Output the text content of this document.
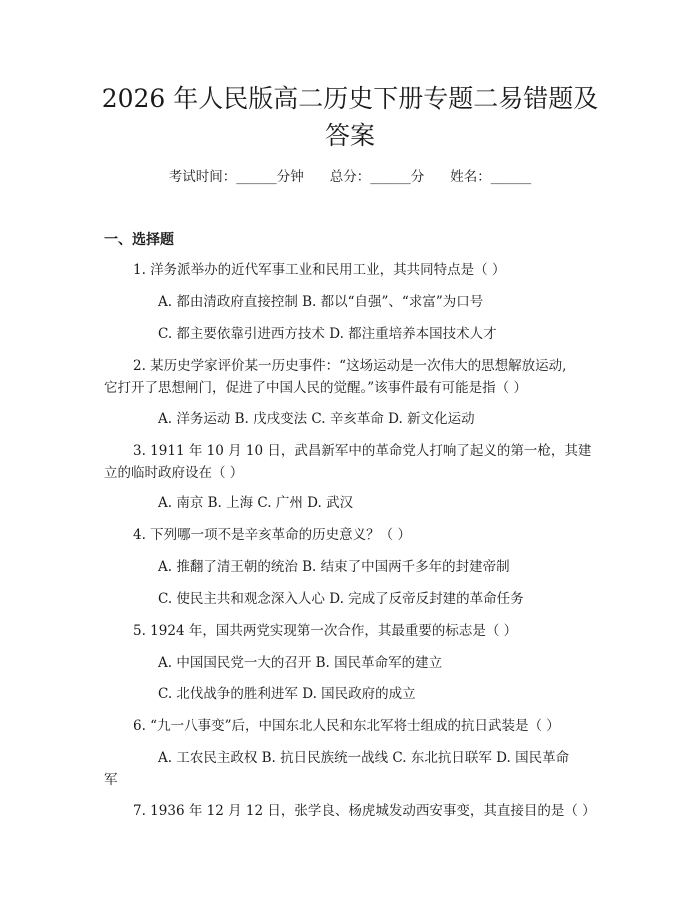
2026 年人民版高二历史下册专题二易错题及
答案
考试时间：______分钟 总分：______分 姓名：______
一、选择题
1. 洋务派举办的近代军事工业和民用工业，其共同特点是（ ）
A. 都由清政府直接控制 B. 都以“自强”、“求富”为口号
C. 都主要依靠引进西方技术 D. 都注重培养本国技术人才
2. 某历史学家评价某一历史事件：“这场运动是一次伟大的思想解放运动,
它打开了思想闸门，促进了中国人民的觉醒。”该事件最有可能是指（ ）
A. 洋务运动 B. 戊戌变法 C. 辛亥革命 D. 新文化运动
3. 1911 年 10 月 10 日，武昌新军中的革命党人打响了起义的第一枪，其建
立的临时政府设在（ ）
A. 南京 B. 上海 C. 广州 D. 武汉
4. 下列哪一项不是辛亥革命的历史意义？（ ）
A. 推翻了清王朝的统治 B. 结束了中国两千多年的封建帝制
C. 使民主共和观念深入人心 D. 完成了反帝反封建的革命任务
5. 1924 年，国共两党实现第一次合作，其最重要的标志是（ ）
A. 中国国民党一大的召开 B. 国民革命军的建立
C. 北伐战争的胜利进军 D. 国民政府的成立
6. “九一八事变”后，中国东北人民和东北军将士组成的抗日武装是（ ）
A. 工农民主政权 B. 抗日民族统一战线 C. 东北抗日联军 D. 国民革命
军
7. 1936 年 12 月 12 日，张学良、杨虎城发动西安事变，其直接目的是（ ）
